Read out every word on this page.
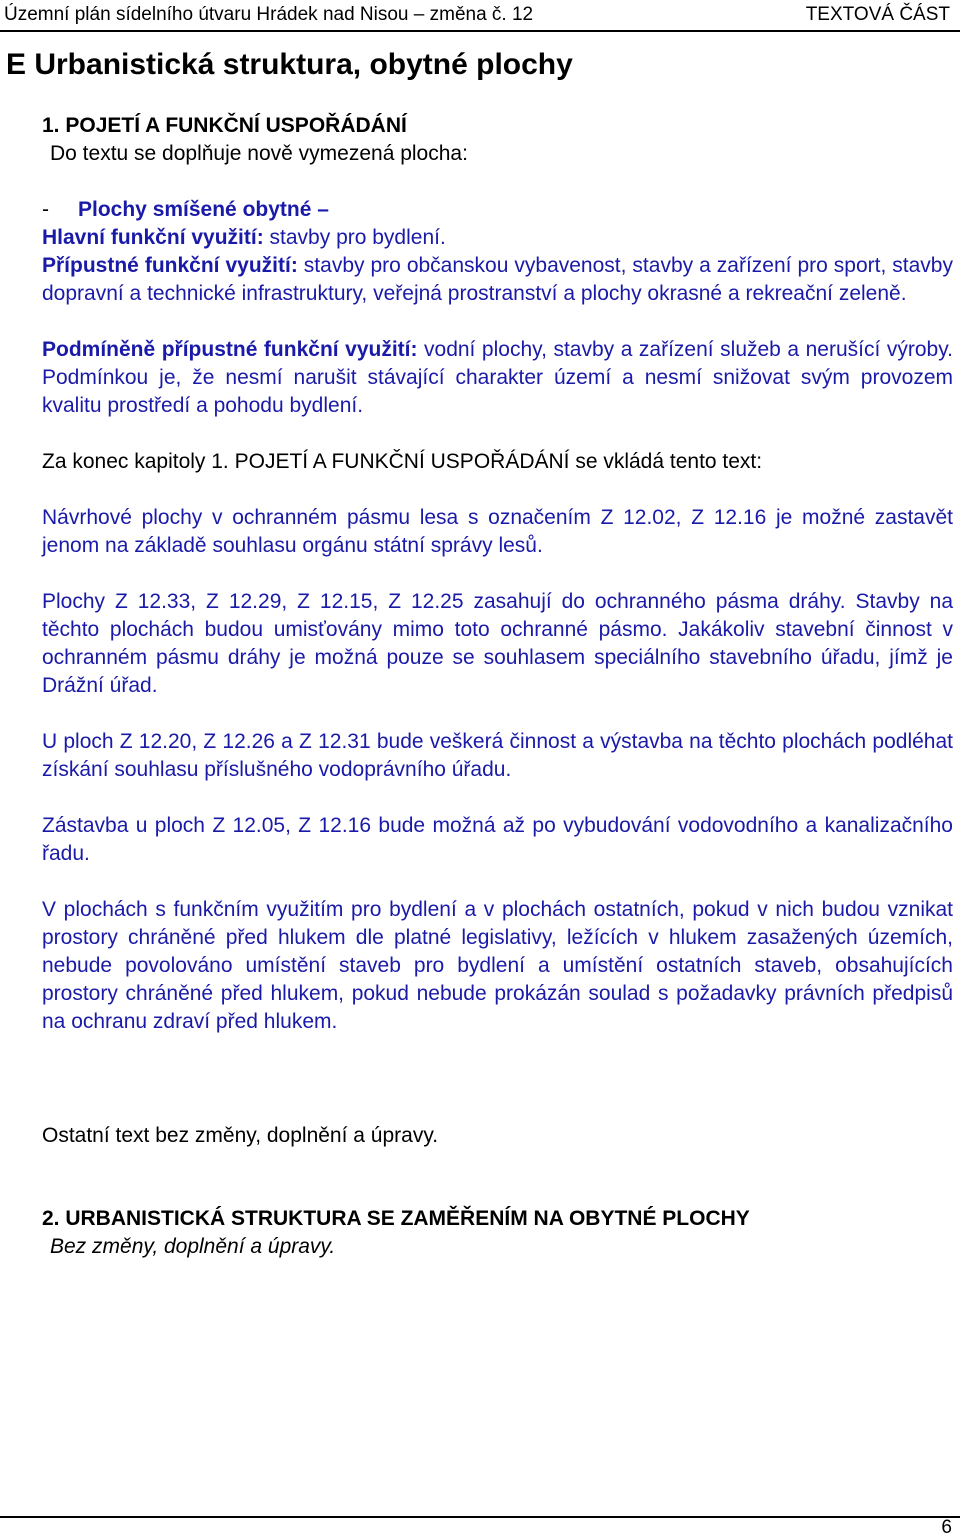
Územní plán sídelního útvaru Hrádek nad Nisou – změna č. 12	TEXTOVÁ ČÁST
E Urbanistická struktura, obytné plochy
1. POJETÍ A FUNKČNÍ USPOŘÁDÁNÍ
Do textu se doplňuje nově vymezená plocha:
- Plochy smíšené obytné –
Hlavní funkční využití: stavby pro bydlení.
Přípustné funkční využití: stavby pro občanskou vybavenost, stavby a zařízení pro sport, stavby dopravní a technické infrastruktury, veřejná prostranství a plochy okrasné a rekreační zeleně.
Podmíněně přípustné funkční využití: vodní plochy, stavby a zařízení služeb a nerušící výroby. Podmínkou je, že nesmí narušit stávající charakter území a nesmí snižovat svým provozem kvalitu prostředí a pohodu bydlení.
Za konec kapitoly 1. POJETÍ A FUNKČNÍ USPOŘÁDÁNÍ se vkládá tento text:
Návrhové plochy v ochranném pásmu lesa s označením Z 12.02, Z 12.16 je možné zastavět jenom na základě souhlasu orgánu státní správy lesů.
Plochy Z 12.33, Z 12.29, Z 12.15, Z 12.25 zasahují do ochranného pásma dráhy. Stavby na těchto plochách budou umisťovány mimo toto ochranné pásmo. Jakákoliv stavební činnost v ochranném pásmu dráhy je možná pouze se souhlasem speciálního stavebního úřadu, jímž je Drážní úřad.
U ploch Z 12.20, Z 12.26 a Z 12.31 bude veškerá činnost a výstavba na těchto plochách podléhat získání souhlasu příslušného vodoprávního úřadu.
Zástavba u ploch Z 12.05, Z 12.16 bude možná až po vybudování vodovodního a kanalizačního řadu.
V plochách s funkčním využitím pro bydlení a v plochách ostatních, pokud v nich budou vznikat prostory chráněné před hlukem dle platné legislativy, ležících v hlukem zasažených územích, nebude povolováno umístění staveb pro bydlení a umístění ostatních staveb, obsahujících prostory chráněné před hlukem, pokud nebude prokázán soulad s požadavky právních předpisů na ochranu zdraví před hlukem.
Ostatní text bez změny, doplnění a úpravy.
2. URBANISTICKÁ STRUKTURA SE ZAMĚŘENÍM NA OBYTNÉ PLOCHY
Bez změny, doplnění a úpravy.
6
